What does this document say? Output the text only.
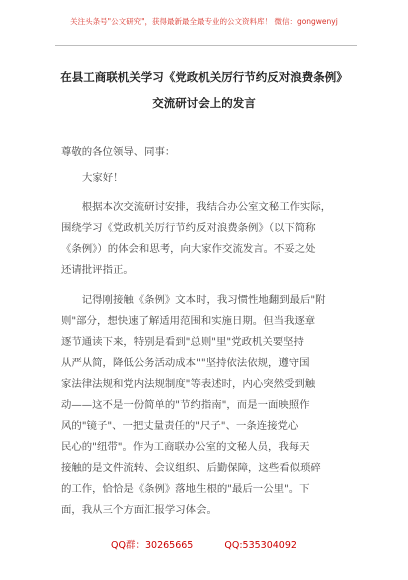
关注头条号"公文研究"，获得最新最全最专业的公文资料库！ 微信：gongwenyj
在县工商联机关学习《党政机关厉行节约反对浪费条例》
交流研讨会上的发言
尊敬的各位领导、同事：
大家好！
　　根据本次交流研讨安排，我结合办公室文秘工作实际，
围绕学习《党政机关厉行节约反对浪费条例》（以下简称
《条例》）的体会和思考，向大家作交流发言。不妥之处
还请批评指正。
　　记得刚接触《条例》文本时，我习惯性地翻到最后"附
则"部分，想快速了解适用范围和实施日期。但当我逐章
逐节通读下来，特别是看到"总则"里"党政机关要坚持
从严从简，降低公务活动成本""坚持依法依规，遵守国
家法律法规和党内法规制度"等表述时，内心突然受到触
动——这不是一份简单的"节约指南"，而是一面映照作
风的"镜子"、一把丈量责任的"尺子"、一条连接党心
民心的"纽带"。作为工商联办公室的文秘人员，我每天
接触的是文件流转、会议组织、后勤保障，这些看似琐碎
的工作，恰恰是《条例》落地生根的"最后一公里"。下
面，我从三个方面汇报学习体会。
QQ群：30265665	QQ:535304092
